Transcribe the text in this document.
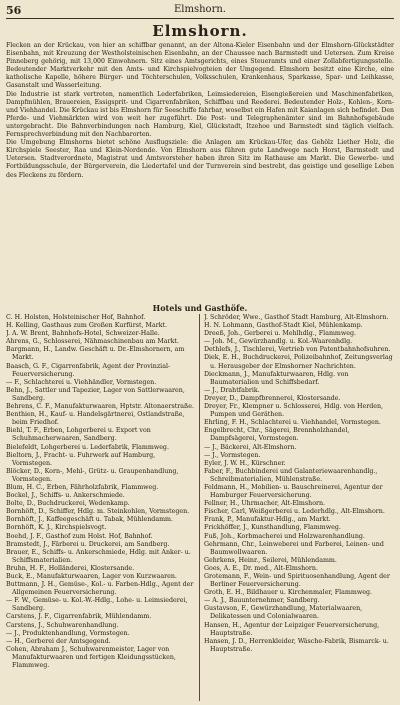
56	Elmshorn.
Elmshorn.

Flecken an der Krückau, von hier an schiffbar genannt, an der Altona-Kieler Eisenbahn und der Elmshorn-Glückstädter Eisenbahn, mit Kreuzung der Westholsteinischen Eisenbahn, an der Chaussee nach Barmstedt und Uetersen. Zum Kreise Pinneberg gehörig, mit 13,000 Einwohnern. Sitz eines Amtsgerichts, eines Steueramts und einer Zollabfertigungsstelle. Bedeutender Marktverkehr mit den Amts- und Kirchspielvogteien der Umgegend. Elmshorn besitzt eine Kirche, eine katholische Kapelle, höhere Bürger- und Töchterschulen, Volksschulen, Krankenhaus, Sparkasse, Spar- und Leihkasse, Gasanstalt und Wasserleitung.

Die Industrie ist stark vertreten, namentlich Lederfabriken, Leimsiedereien, Eisengießereien und Maschinenfabriken, Dampfmühlen, Brauereien, Essigsprit- und Cigarrenfabriken, Schiffbau und Reederei. Bedeutender Holz-, Kohlen-, Korn- und Viehhandel. Die Krückau ist bis Elmshorn für Seeschiffe fahrbar, woselbst ein Hafen mit Kaianlagen sich befindet. Den Pferde- und Viehmärkten wird von weit her zugeführt. Die Post- und Telegraphenämter sind im Bahnhofsgebäude untergebracht. Die Bahnverbindungen nach Hamburg, Kiel, Glückstadt, Itzehoe und Barmstedt sind täglich vielfach. Fernsprechverbindung mit den Nachbarorten.

Die Umgebung Elmshorns bietet schöne Ausflugsziele: die Anlagen am Krückau-Ufer, das Gehölz Liether Holz, die Kirchspiele Seester, Raa und Klein-Nordende. Von Elmshorn aus führen gute Landwege nach Horst, Barmstedt und Uetersen. Stadtverordnete, Magistrat und Amtsvorsteher haben ihren Sitz im Rathause am Markt. Die Gewerbe- und Fortbildungsschule, der Bürgerverein, die Liedertafel und der Turnverein sind bestrebt, das geistige und gesellige Leben des Fleckens zu fördern.

Hotels und Gasthöfe.

C. H. Holsten, Holsteinischer Hof, Bahnhof.

H. Kelling, Gasthaus zum Großen Kurfürst, Markt.

J. A. W. Brent, Bahnhofs-Hotel, Schweizer-Halle.

Ahrens, G., Schlosserei, Nähmaschinenbau am Markt.

Bargmann, H., Landw. Geschäft u. Dr.-Elmshornern, am Markt.

Baasch, G. F., Cigarrenfabrik, Agent der Provinzial-Feuerversicherung.

— F., Schlachterei u. Viehhändler, Vormstegen.

Behn, J., Sattler und Tapezier, Lager von Sattlerwaaren, Sandberg.

Behrens, C. F., Manufakturwaaren, Hptstr. Altonaerstraße.

Benthien, H., Kauf- u. Handelsgärtnerei, Ostlandstraße, beim Friedhof.

Biehl, T. F., Erben, Lohgerberei u. Export von Schuhmacherwaaren, Sandberg.

Bielefeldt, Lohgerberei u. Lederfabrik, Flammweg.

Bieltorn, J., Fracht- u. Fuhrwerk auf Hamburg, Vormstegen.

Blöcker, D., Korn-, Mehl-, Grütz- u. Graupenhandlung, Vormstegen.

Blum, H. C., Erben, Fährholzfabrik, Flammweg.

Bockel, J., Schiffs- u. Ankerschmiede.

Bolte, D., Buchdruckerei, Wedenkamp.

Bornhöft, D., Schiffer, Hdlg. m. Steinkohlen, Vormstegen.

Bornhöft, J., Kaffeegeschäft u. Tabak, Mühlendamm.

Bornhöft, K. J., Kirchspielsvogt.

Boehd, J. F., Gasthof zum Holst. Hof, Bahnhof.

Bramstedt, J., Färberei u. Druckerei, am Sandberg.

Brauer, E., Schiffs- u. Ankerschmiede, Hdlg. mit Anker- u. Schiffsmaterialien.

Bruhn, H. F., Holländerei, Klostersande.

Buck, E., Manufakturwaaren, Lager von Kurzwaaren.

Buttmann, J. H., Gemüse-, Kol.- u. Farben-Hdlg., Agent der Allgemeinen Feuerversicherung.

— F. W., Gemüse- u. Kol.-W.-Hdlg., Lohe- u. Leimsiederei, Sandberg.

Carstens, J. F., Cigarrenfabrik, Mühlendamm.

Carstens, J., Schuhwarenhandlung.

— J., Produktenhandlung, Vormstegen.

— H., Gerberei der Amtsgegend.

Cohen, Abraham J., Schuhwarenmeister, Lager von Manufakturwaaren und fertigen Kleidungsstücken, Flammweg.

J. Schröder, Wwe., Gasthof Stadt Hamburg, Alt-Elmshorn.

H. N. Lohmann, Gasthof-Stadt Kiel, Mühlenkamp.

Dreeß, Joh., Gerberei u. Mehlhdlg., Flammweg.

— Joh. M., Gewürzhandlg. u. Kol.-Waarenhdlg.

Dethlefs, J., Tischlerei, Vertrieb von Patentbahnhofsuhren.

Diek, E. H., Buchdruckerei, Polizeibahnhof, Zeitungsverlag u. Herausgeber der Elmshorner Nachrichten.

Dieckmann, J., Manufakturwaaren, Hdlg. von Baumaterialien und Schiffsbedarf.

— J., Drahtfabrik.

Dreyer, D., Dampfbrennerei, Klostersande.

Dreyer, Fr., Klempner u. Schlosserei, Hdlg. von Herden, Pumpen und Geräthen.

Ehrling, F. H., Schlachterei u. Viehhandel, Vormstegen.

Engelbrecht, Chr., Sägerei, Brennholzhandel, Dampfsägerei, Vormstegen.

— J., Bäckerei, Alt-Elmshorn.

— J., Vormstegen.

Eyler, J. W. H., Kürschner.

Faber, F., Buchbinderei und Galanteriewaarenhandlg., Schreibmaterialien, Mühlenstraße.

Feldmann, H., Mobilien- u. Bauschreinerei, Agentur der Hamburger Feuerversicherung.

Fellner, H., Uhrmacher, Alt-Elmshorn.

Fischer, Carl, Weißgerberei u. Lederhdlg., Alt-Elmshorn.

Frank, P., Manufaktur-Hdlg., am Markt.

Frickhöffer, J., Kunsthandlung, Flammweg.

Fuß, Joh., Korbmacherei und Holzwarenhandlung.

Gehrmann, Chr., Leinweberei und Farberei, Leinen- und Baumwollwaaren.

Gehrkens, Heinr., Seilerei, Mühlendamm.

Goes, A. E., Dr. med., Alt-Elmshorn.

Grotemann, F., Wein- und Spirituosenhandlung, Agent der Berliner Feuerversicherung.

Groth, E. H., Bildhauer u. Kirchenmaler, Flammweg.

— A. J., Bauunternehmer, Sandberg.

Gustavson, F., Gewürzhandlung, Materialwaaren, Delikatessen und Colonialwaaren.

Hansen, H., Agentur der Leipziger Feuerversicherung, Hauptstraße.

Hansen, J. D., Herrenkleider, Wäsche-Fabrik, Bismarck- u. Hauptstraße.
